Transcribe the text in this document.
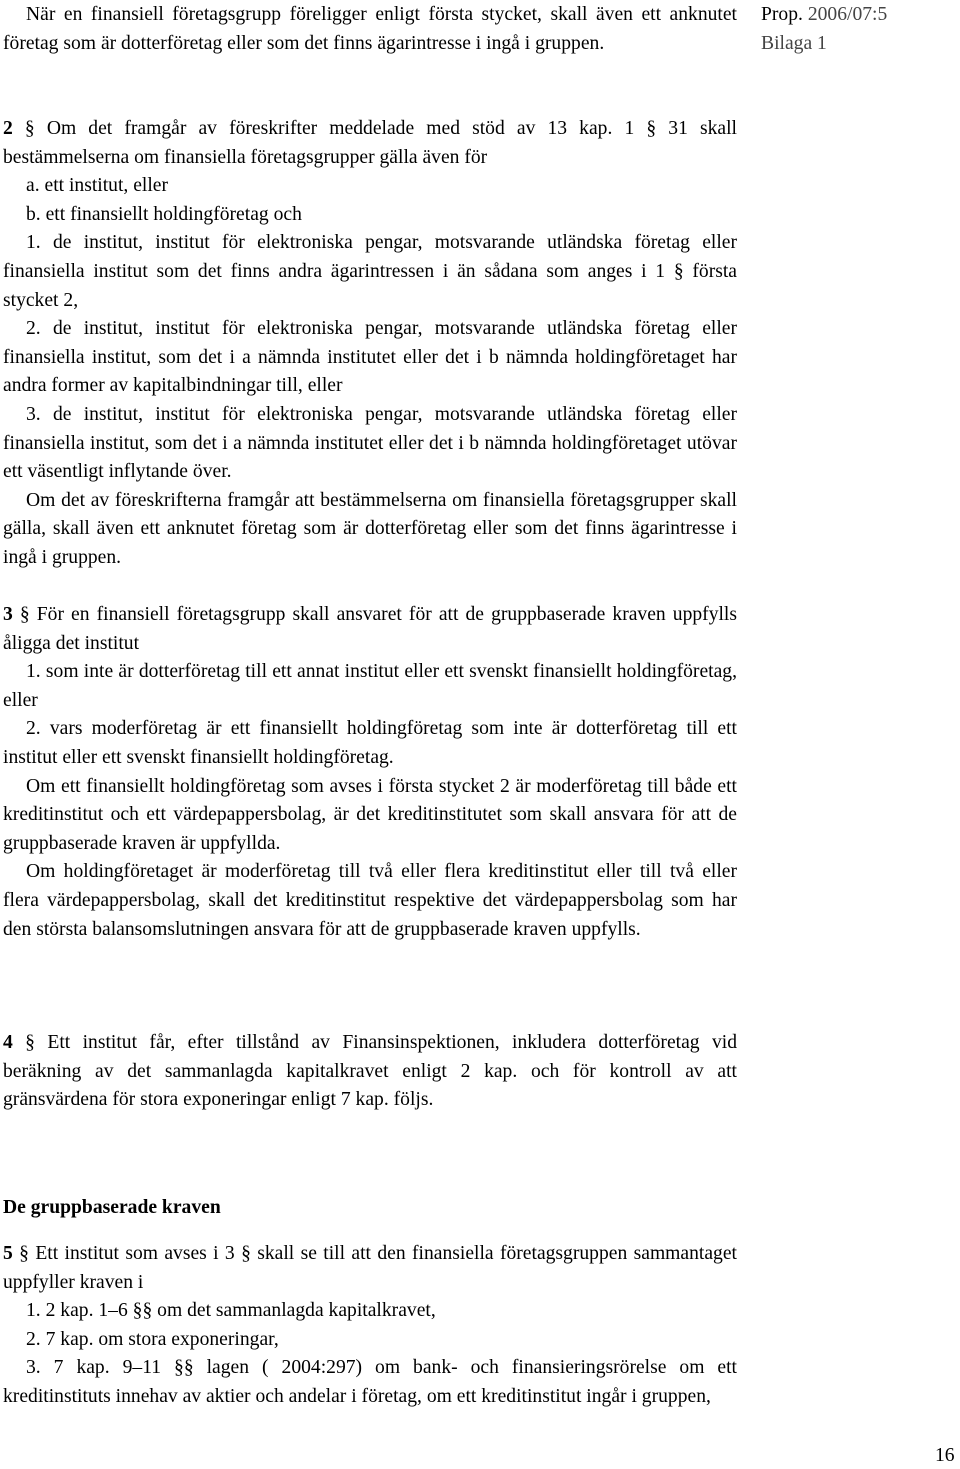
Prop. 2006/07:5
Bilaga 1

När en finansiell företagsgrupp föreligger enligt första stycket, skall även ett anknutet företag som är dotterföretag eller som det finns ägarintresse i ingå i gruppen.

2 § Om det framgår av föreskrifter meddelade med stöd av 13 kap. 1 § 31 skall bestämmelserna om finansiella företagsgrupper gälla även för

a. ett institut, eller

b. ett finansiellt holdingföretag och

1. de institut, institut för elektroniska pengar, motsvarande utländska företag eller finansiella institut som det finns andra ägarintressen i än sådana som anges i 1 § första stycket 2,

2. de institut, institut för elektroniska pengar, motsvarande utländska företag eller finansiella institut, som det i a nämnda institutet eller det i b nämnda holdingföretaget har andra former av kapitalbindningar till, eller

3. de institut, institut för elektroniska pengar, motsvarande utländska företag eller finansiella institut, som det i a nämnda institutet eller det i b nämnda holdingföretaget utövar ett väsentligt inflytande över.

Om det av föreskrifterna framgår att bestämmelserna om finansiella företagsgrupper skall gälla, skall även ett anknutet företag som är dotterföretag eller som det finns ägarintresse i ingå i gruppen.

3 § För en finansiell företagsgrupp skall ansvaret för att de gruppbaserade kraven uppfylls åligga det institut

1. som inte är dotterföretag till ett annat institut eller ett svenskt finansiellt holdingföretag, eller

2. vars moderföretag är ett finansiellt holdingföretag som inte är dotterföretag till ett institut eller ett svenskt finansiellt holdingföretag.

Om ett finansiellt holdingföretag som avses i första stycket 2 är moderföretag till både ett kreditinstitut och ett värdepappersbolag, är det kreditinstitutet som skall ansvara för att de gruppbaserade kraven är uppfyllda.

Om holdingföretaget är moderföretag till två eller flera kreditinstitut eller till två eller flera värdepappersbolag, skall det kreditinstitut respektive det värdepappersbolag som har den största balansomslutningen ansvara för att de gruppbaserade kraven uppfylls.

4 § Ett institut får, efter tillstånd av Finansinspektionen, inkludera dotterföretag vid beräkning av det sammanlagda kapitalkravet enligt 2 kap. och för kontroll av att gränsvärdena för stora exponeringar enligt 7 kap. följs.

De gruppbaserade kraven

5 § Ett institut som avses i 3 § skall se till att den finansiella företagsgruppen sammantaget uppfyller kraven i

1. 2 kap. 1–6 §§ om det sammanlagda kapitalkravet,

2. 7 kap. om stora exponeringar,

3. 7 kap. 9–11 §§ lagen ( 2004:297) om bank- och finansieringsrörelse om ett kreditinstituts innehav av aktier och andelar i företag, om ett kreditinstitut ingår i gruppen,

16
